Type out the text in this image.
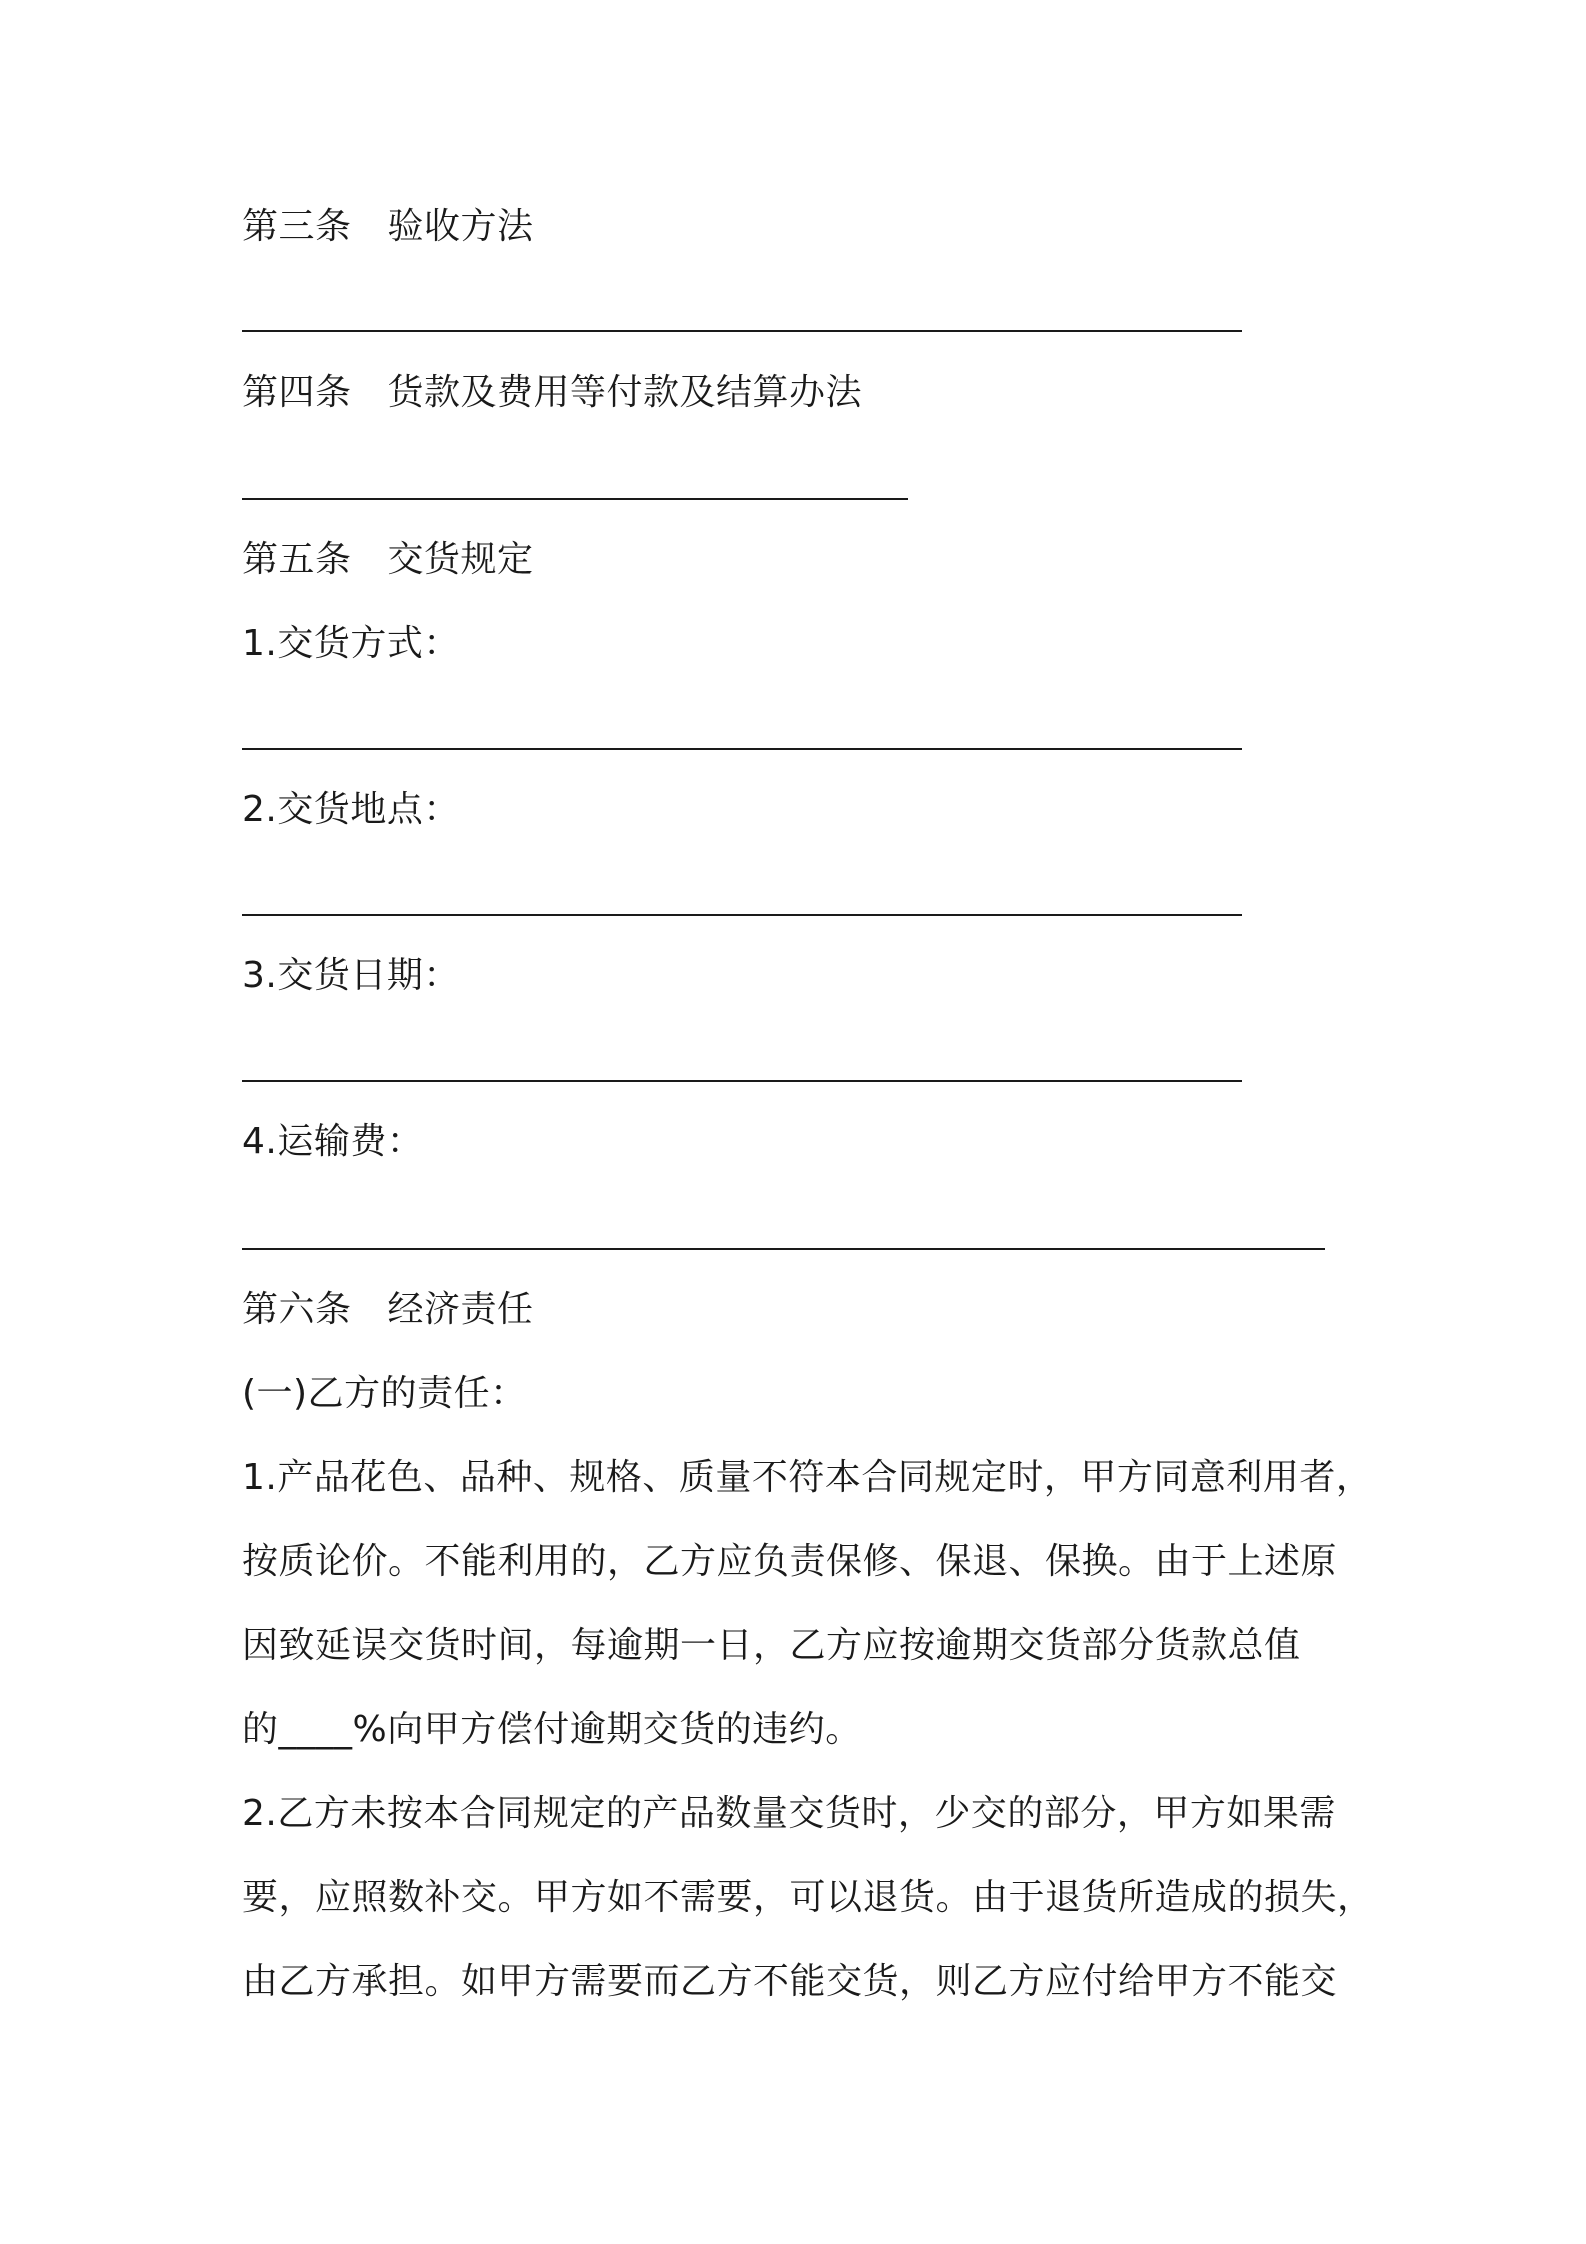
第三条 验收方法
第四条 货款及费用等付款及结算办法
第五条 交货规定
1.交货方式：
2.交货地点：
3.交货日期：
4.运输费：
第六条 经济责任
(一)乙方的责任：
1.产品花色、品种、规格、质量不符本合同规定时，甲方同意利用者，
按质论价。不能利用的，乙方应负责保修、保退、保换。由于上述原
因致延误交货时间，每逾期一日，乙方应按逾期交货部分货款总值
的____%向甲方偿付逾期交货的违约。
2.乙方未按本合同规定的产品数量交货时，少交的部分，甲方如果需
要，应照数补交。甲方如不需要，可以退货。由于退货所造成的损失，
由乙方承担。如甲方需要而乙方不能交货，则乙方应付给甲方不能交
